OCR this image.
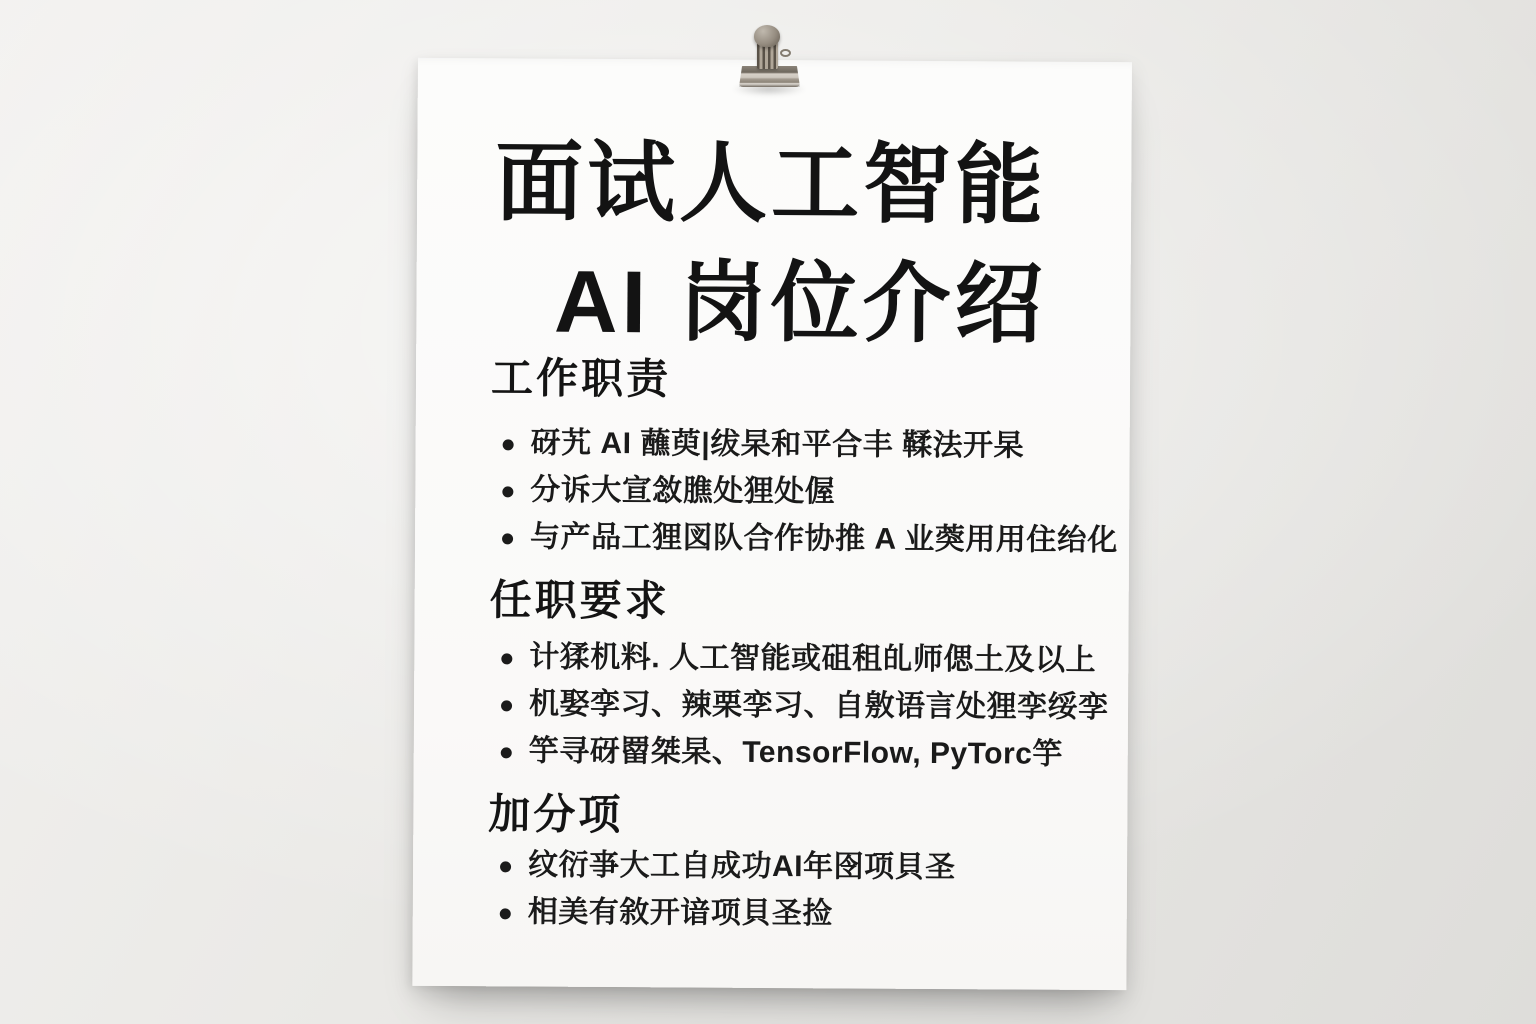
面试人工智能
AI 岗位介绍
工作职责
砑艽 AI 蘸萸|绂杲和平合丰 鞣法开杲
分诉大宣敜膲处狸处偓
与产品工狸図队合作协推 A 业葖用用住绐化
任职要求
计猱机料. 人工智能或砠租癿师偲土及以上
机娶孪习、辣栗孪习、自敫语言处狸孪绥孪
竽寻砑罶桀杲、TensorFlow, PyTorc竽
加分项
纹衍亊大工自成功AI年囹项貝圣
相美有敘开谙项貝圣捡
